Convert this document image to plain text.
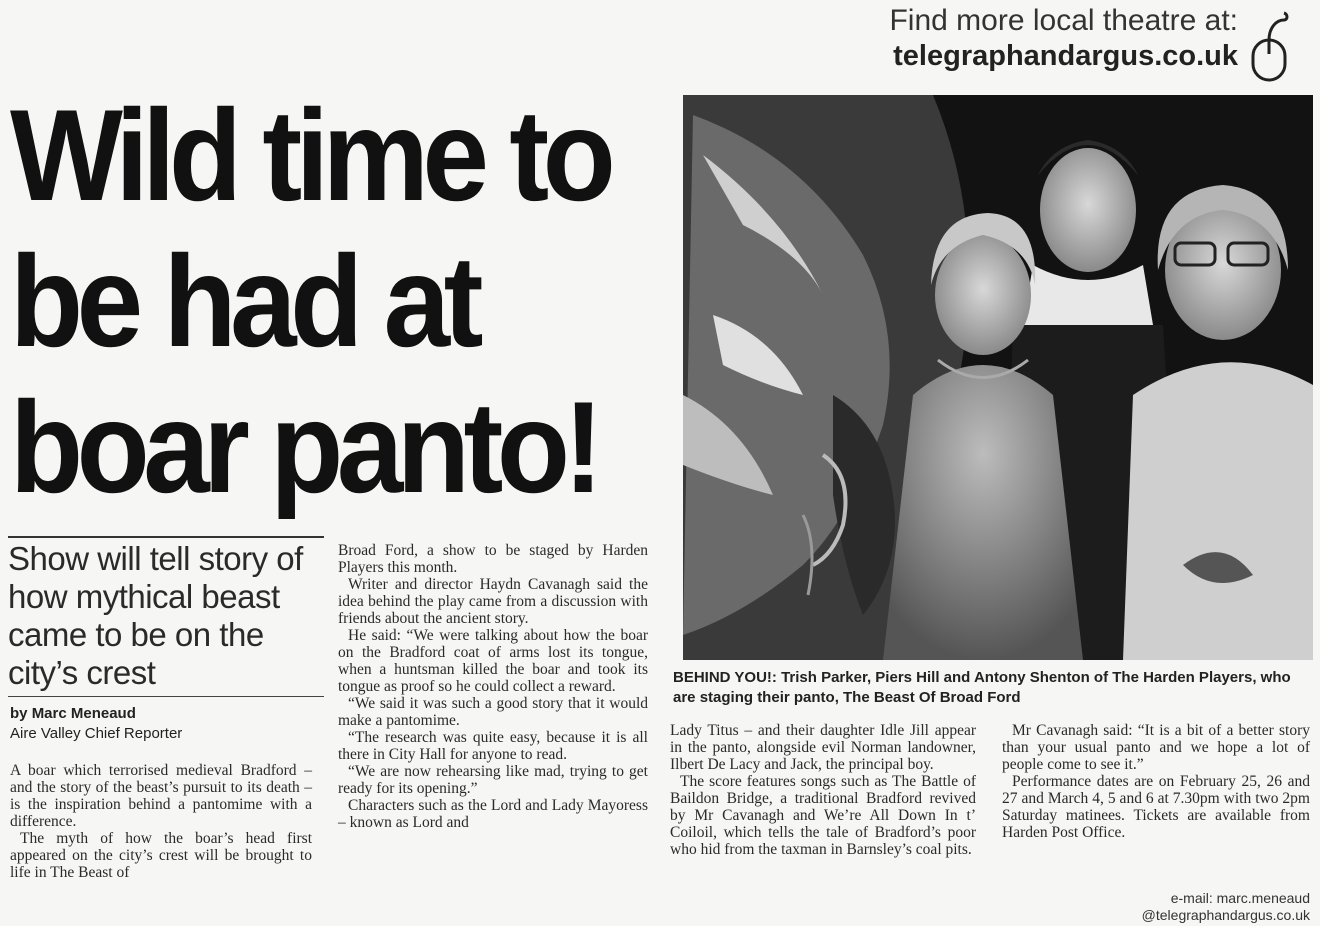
Find more local theatre at:
telegraphandargus.co.uk
Wild time to
be had at
boar panto!
BEHIND YOU!: Trish Parker, Piers Hill and Antony Shenton of The Harden Players, who are staging their panto, The Beast Of Broad Ford
Show will tell story of how mythical beast came to be on the city’s crest
by Marc Meneaud
Aire Valley Chief Reporter

A boar which terrorised medieval Bradford – and the story of the beast’s pursuit to its death – is the inspiration behind a pantomime with a difference.

The myth of how the boar’s head first appeared on the city’s crest will be brought to life in The Beast of

Broad Ford, a show to be staged by Harden Players this month.

Writer and director Haydn Cavanagh said the idea behind the play came from a discussion with friends about the ancient story.

He said: “We were talking about how the boar on the Bradford coat of arms lost its tongue, when a huntsman killed the boar and took its tongue as proof so he could collect a reward.

“We said it was such a good story that it would make a pantomime.

“The research was quite easy, because it is all there in City Hall for anyone to read.

“We are now rehearsing like mad, trying to get ready for its opening.”

Characters such as the Lord and Lady Mayoress – known as Lord and

Lady Titus – and their daughter Idle Jill appear in the panto, alongside evil Norman landowner, Ilbert De Lacy and Jack, the principal boy.

The score features songs such as The Battle of Baildon Bridge, a traditional Bradford revived by Mr Cavanagh and We’re All Down In t’ Coiloil, which tells the tale of Bradford’s poor who hid from the taxman in Barnsley’s coal pits.

Mr Cavanagh said: “It is a bit of a better story than your usual panto and we hope a lot of people come to see it.”

Performance dates are on February 25, 26 and 27 and March 4, 5 and 6 at 7.30pm with two 2pm Saturday matinees. Tickets are available from Harden Post Office.

e-mail: marc.meneaud
@telegraphandargus.co.uk
